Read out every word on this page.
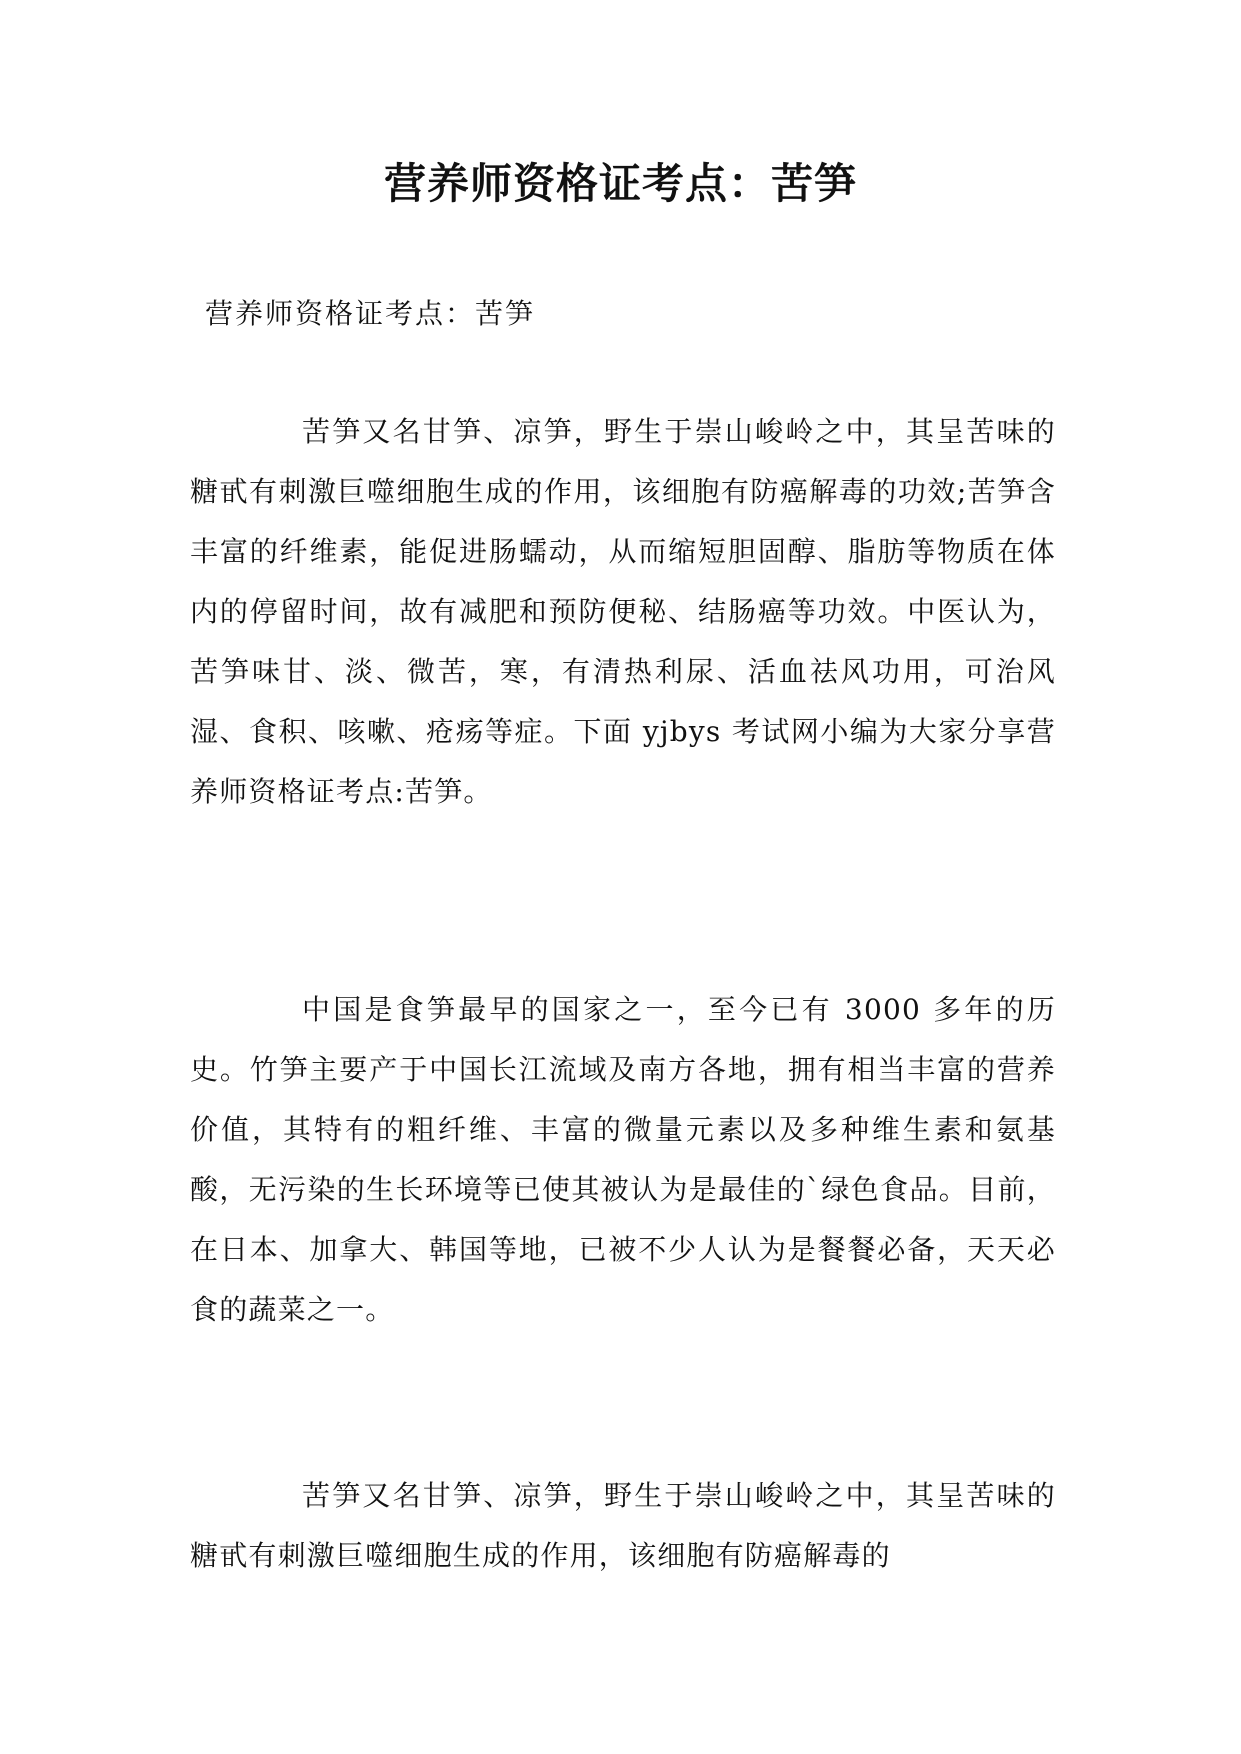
营养师资格证考点：苦笋

营养师资格证考点：苦笋

苦笋又名甘笋、凉笋，野生于崇山峻岭之中，其呈苦味的糖甙有刺激巨噬细胞生成的作用，该细胞有防癌解毒的功效;苦笋含丰富的纤维素，能促进肠蠕动，从而缩短胆固醇、脂肪等物质在体内的停留时间，故有减肥和预防便秘、结肠癌等功效。中医认为，苦笋味甘、淡、微苦，寒，有清热利尿、活血祛风功用，可治风湿、食积、咳嗽、疮疡等症。下面 yjbys 考试网小编为大家分享营养师资格证考点:苦笋。

中国是食笋最早的国家之一，至今已有 3000 多年的历史。竹笋主要产于中国长江流域及南方各地，拥有相当丰富的营养价值，其特有的粗纤维、丰富的微量元素以及多种维生素和氨基酸，无污染的生长环境等已使其被认为是最佳的`绿色食品。目前，在日本、加拿大、韩国等地，已被不少人认为是餐餐必备，天天必食的蔬菜之一。

苦笋又名甘笋、凉笋，野生于崇山峻岭之中，其呈苦味的糖甙有刺激巨噬细胞生成的作用，该细胞有防癌解毒的
